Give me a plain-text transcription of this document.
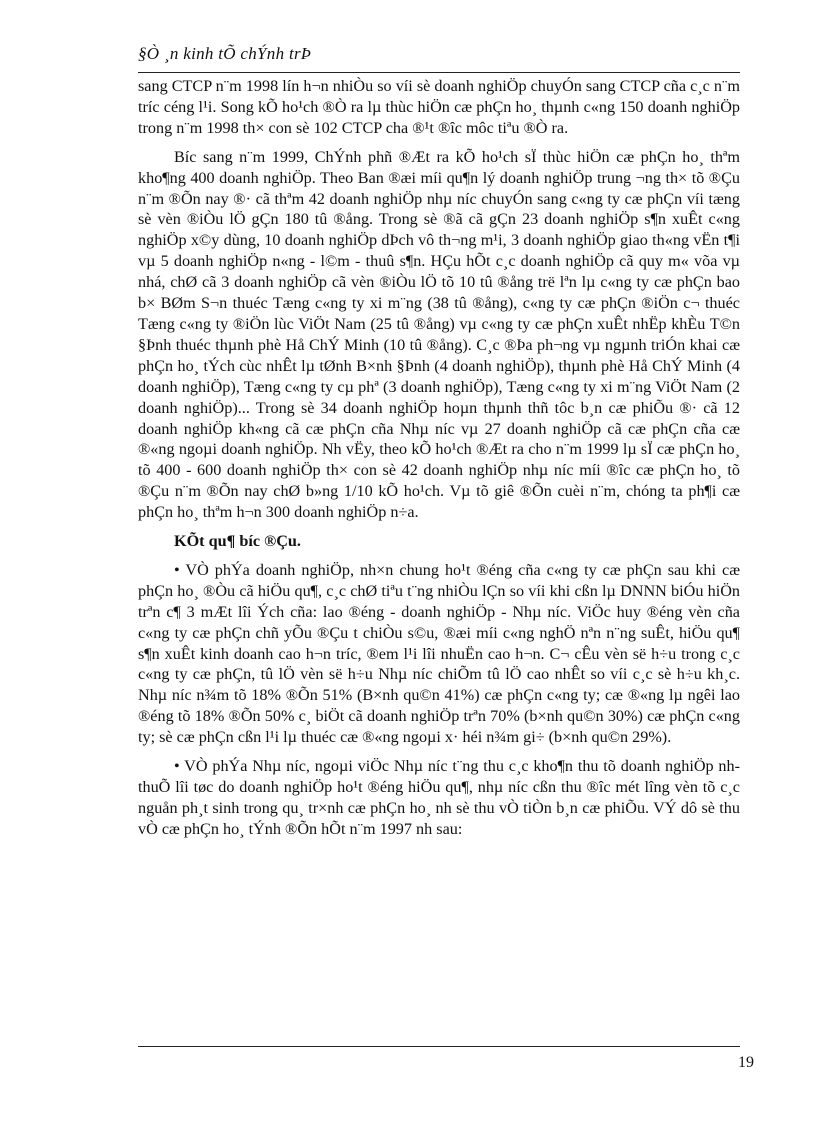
§Ò ¸n kinh tÕ chÝnh trÞ

sang CTCP n¨m 1998 lín h¬n nhiÒu so víi sè doanh nghiÖp chuyÓn sang CTCP cña c¸c n¨m tríc céng l¹i. Song kÕ ho¹ch ®Ò ra lµ thùc hiÖn cæ phÇn ho¸ thµnh c«ng 150 doanh nghiÖp trong n¨m 1998 th× con sè 102 CTCP cha ®¹t ®îc môc tiªu ®Ò ra.

Bíc sang n¨m 1999, ChÝnh phñ ®Æt ra kÕ ho¹ch sÏ thùc hiÖn cæ phÇn ho¸ thªm kho¶ng 400 doanh nghiÖp. Theo Ban ®æi míi qu¶n lý doanh nghiÖp trung ¬ng th× tõ ®Çu n¨m ®Õn nay ®· cã thªm 42 doanh nghiÖp nhµ níc chuyÓn sang c«ng ty cæ phÇn víi tæng sè vèn ®iÒu lÖ gÇn 180 tû ®ång. Trong sè ®ã cã gÇn 23 doanh nghiÖp s¶n xuÊt c«ng nghiÖp x©y dùng, 10 doanh nghiÖp dÞch vô th¬ng m¹i, 3 doanh nghiÖp giao th«ng vËn t¶i vµ 5 doanh nghiÖp n«ng - l©m - thuû s¶n. HÇu hÕt c¸c doanh nghiÖp cã quy m« võa vµ nhá, chØ cã 3 doanh nghiÖp cã vèn ®iÒu lÖ tõ 10 tû ®ång trë lªn lµ c«ng ty cæ phÇn bao b× BØm S¬n thuéc Tæng c«ng ty xi m¨ng (38 tû ®ång), c«ng ty cæ phÇn ®iÖn c¬ thuéc Tæng c«ng ty ®iÖn lùc ViÖt Nam (25 tû ®ång) vµ c«ng ty cæ phÇn xuÊt nhËp khÈu T©n §Þnh thuéc thµnh phè Hå ChÝ Minh (10 tû ®ång). C¸c ®Þa ph¬ng vµ ngµnh triÓn khai cæ phÇn ho¸ tÝch cùc nhÊt lµ tØnh B×nh §Þnh (4 doanh nghiÖp), thµnh phè Hå ChÝ Minh (4 doanh nghiÖp), Tæng c«ng ty cµ phª (3 doanh nghiÖp), Tæng c«ng ty xi m¨ng ViÖt Nam (2 doanh nghiÖp)... Trong sè 34 doanh nghiÖp hoµn thµnh thñ tôc b¸n cæ phiÕu ®· cã 12 doanh nghiÖp kh«ng cã cæ phÇn cña Nhµ níc vµ 27 doanh nghiÖp cã cæ phÇn cña cæ ®«ng ngoµi doanh nghiÖp. Nh vËy, theo kÕ ho¹ch ®Æt ra cho n¨m 1999 lµ sÏ cæ phÇn ho¸ tõ 400 - 600 doanh nghiÖp th× con sè 42 doanh nghiÖp nhµ níc míi ®îc cæ phÇn ho¸ tõ ®Çu n¨m ®Õn nay chØ b»ng 1/10 kÕ ho¹ch. Vµ tõ giê ®Õn cuèi n¨m, chóng ta ph¶i cæ phÇn ho¸ thªm h¬n 300 doanh nghiÖp n÷a.

KÕt qu¶ bíc ®Çu.

• VÒ phÝa doanh nghiÖp, nh×n chung ho¹t ®éng cña c«ng ty cæ phÇn sau khi cæ phÇn ho¸ ®Òu cã hiÖu qu¶, c¸c chØ tiªu t¨ng nhiÒu lÇn so víi khi cßn lµ DNNN biÓu hiÖn trªn c¶ 3 mÆt lîi Ých cña: lao ®éng - doanh nghiÖp - Nhµ níc. ViÖc huy ®éng vèn cña c«ng ty cæ phÇn chñ yÕu ®Çu t chiÒu s©u, ®æi míi c«ng nghÖ nªn n¨ng suÊt, hiÖu qu¶ s¶n xuÊt kinh doanh cao h¬n tríc, ®em l¹i lîi nhuËn cao h¬n. C¬ cÊu vèn së h÷u trong c¸c c«ng ty cæ phÇn, tû lÖ vèn së h÷u Nhµ níc chiÕm tû lÖ cao nhÊt so víi c¸c sè h÷u kh¸c. Nhµ níc n¾m tõ 18% ®Õn 51% (B×nh qu©n 41%) cæ phÇn c«ng ty; cæ ®«ng lµ ngêi lao ®éng tõ 18% ®Õn 50% c¸ biÖt cã doanh nghiÖp trªn 70% (b×nh qu©n 30%) cæ phÇn c«ng ty; sè cæ phÇn cßn l¹i lµ thuéc cæ ®«ng ngoµi x· héi n¾m gi÷ (b×nh qu©n 29%).

• VÒ phÝa Nhµ níc, ngoµi viÖc Nhµ níc t¨ng thu c¸c kho¶n thu tõ doanh nghiÖp nh thuÕ lîi tøc do doanh nghiÖp ho¹t ®éng hiÖu qu¶, nhµ níc cßn thu ®îc mét lîng vèn tõ c¸c nguån ph¸t sinh trong qu¸ tr×nh cæ phÇn ho¸ nh sè thu vÒ tiÒn b¸n cæ phiÕu. VÝ dô sè thu vÒ cæ phÇn ho¸ tÝnh ®Õn hÕt n¨m 1997 nh sau:

19
